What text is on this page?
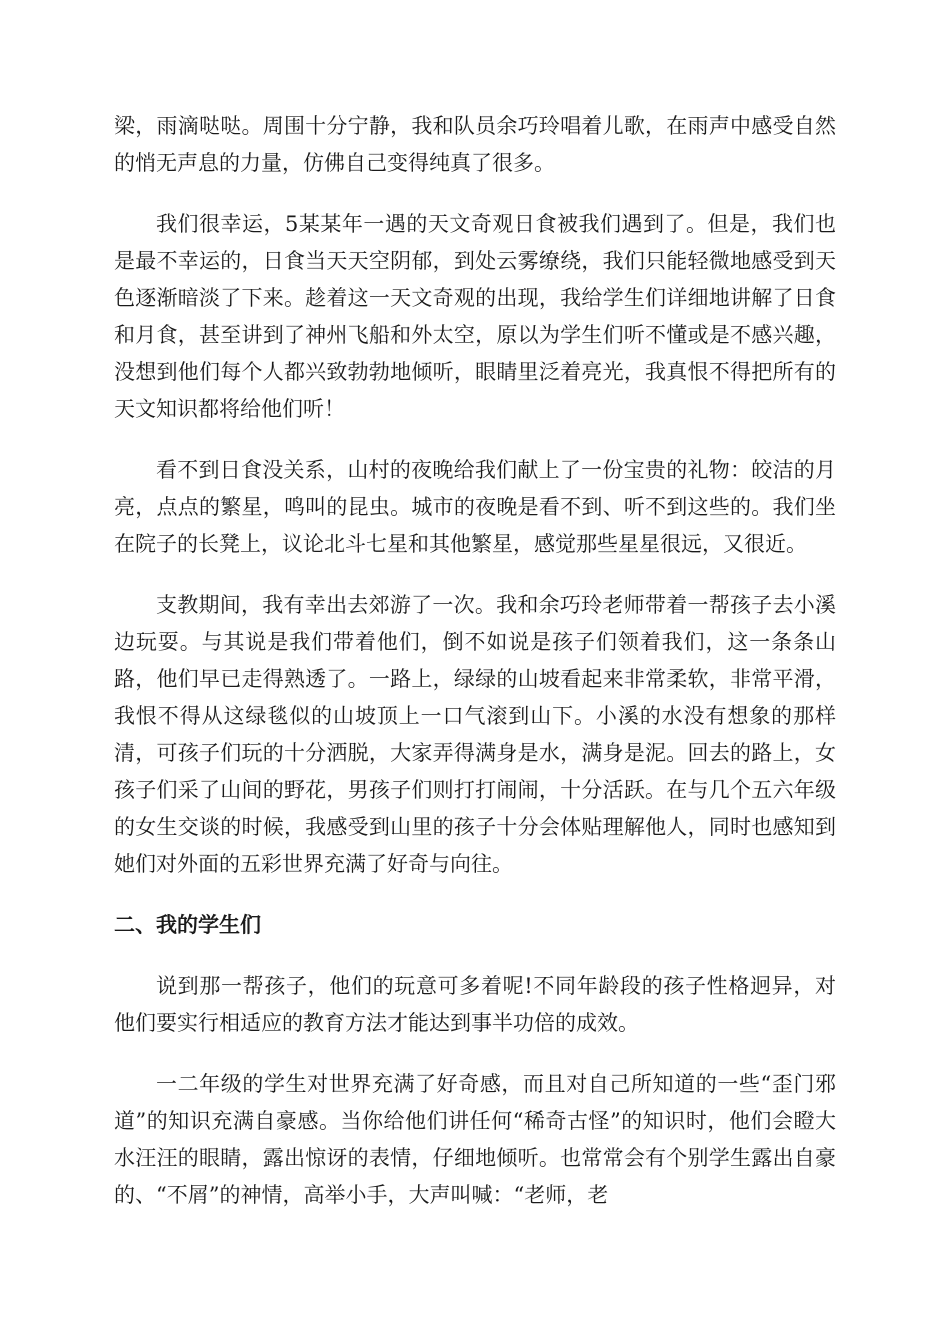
梁，雨滴哒哒。周围十分宁静，我和队员余巧玲唱着儿歌，在雨声中感受自然的悄无声息的力量，仿佛自己变得纯真了很多。

我们很幸运，5某某年一遇的天文奇观日食被我们遇到了。但是，我们也是最不幸运的，日食当天天空阴郁，到处云雾缭绕，我们只能轻微地感受到天色逐渐暗淡了下来。趁着这一天文奇观的出现，我给学生们详细地讲解了日食和月食，甚至讲到了神州飞船和外太空，原以为学生们听不懂或是不感兴趣，没想到他们每个人都兴致勃勃地倾听，眼睛里泛着亮光，我真恨不得把所有的天文知识都将给他们听！

看不到日食没关系，山村的夜晚给我们献上了一份宝贵的礼物：皎洁的月亮，点点的繁星，鸣叫的昆虫。城市的夜晚是看不到、听不到这些的。我们坐在院子的长凳上，议论北斗七星和其他繁星，感觉那些星星很远，又很近。

支教期间，我有幸出去郊游了一次。我和余巧玲老师带着一帮孩子去小溪边玩耍。与其说是我们带着他们，倒不如说是孩子们领着我们，这一条条山路，他们早已走得熟透了。一路上，绿绿的山坡看起来非常柔软，非常平滑，我恨不得从这绿毯似的山坡顶上一口气滚到山下。小溪的水没有想象的那样清，可孩子们玩的十分洒脱，大家弄得满身是水，满身是泥。回去的路上，女孩子们采了山间的野花，男孩子们则打打闹闹，十分活跃。在与几个五六年级的女生交谈的时候，我感受到山里的孩子十分会体贴理解他人，同时也感知到她们对外面的五彩世界充满了好奇与向往。

二、我的学生们

说到那一帮孩子，他们的玩意可多着呢!不同年龄段的孩子性格迥异，对他们要实行相适应的教育方法才能达到事半功倍的成效。

一二年级的学生对世界充满了好奇感，而且对自己所知道的一些“歪门邪道”的知识充满自豪感。当你给他们讲任何“稀奇古怪”的知识时，他们会瞪大水汪汪的眼睛，露出惊讶的表情，仔细地倾听。也常常会有个别学生露出自豪的、“不屑”的神情，高举小手，大声叫喊：“老师，老
